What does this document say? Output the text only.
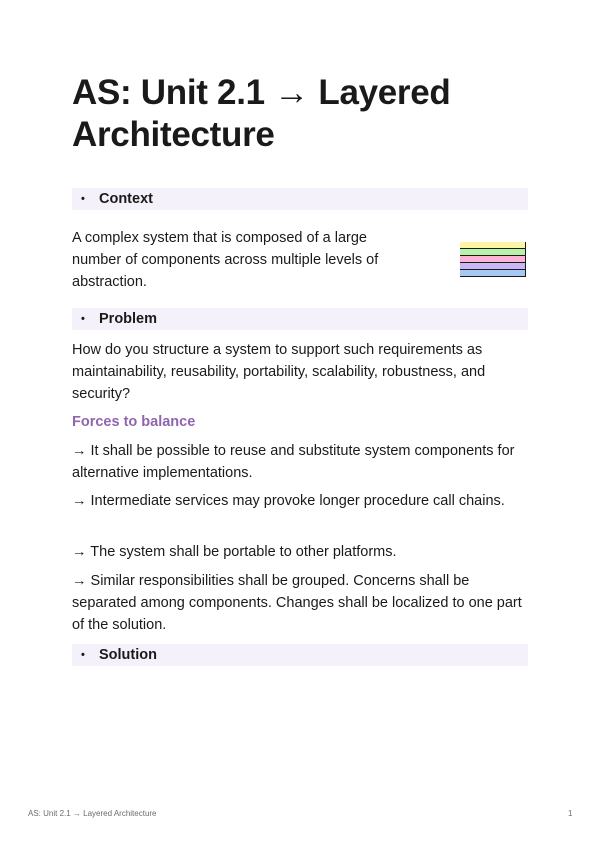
AS: Unit 2.1 → Layered Architecture
• Context

A complex system that is composed of a large number of components across multiple levels of abstraction.

• Problem

How do you structure a system to support such requirements as maintainability, reusability, portability, scalability, robustness, and security?

Forces to balance

→ It shall be possible to reuse and substitute system components for alternative implementations.

→ Intermediate services may provoke longer procedure call chains.

→ The system shall be portable to other platforms.

→ Similar responsibilities shall be grouped. Concerns shall be separated among components. Changes shall be localized to one part of the solution.

• Solution
AS: Unit 2.1 → Layered Architecture	1
